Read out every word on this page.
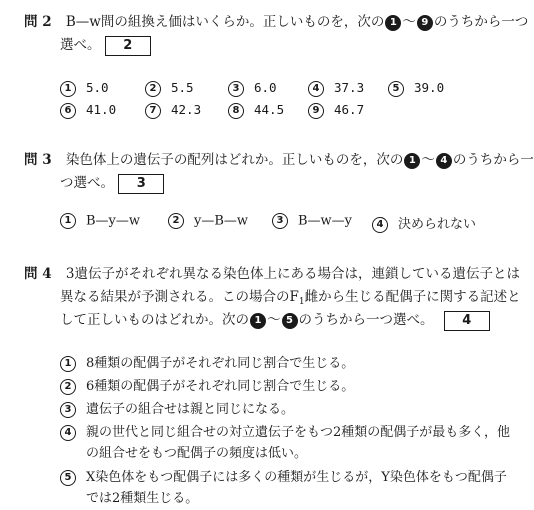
問 2 B—w間の組換え価はいくらか。正しいものを，次の 1 〜 9 のうちから一つ
選べ。 2
1 5.0	2 5.5	3 6.0	4 37.3	5 39.0
6 41.0	7 42.3	8 44.5	9 46.7
問 3 染色体上の遺伝子の配列はどれか。正しいものを，次の 1 〜 4 のうちから一
つ選べ。 3
1 B—y—w	2 y—B—w	3 B—w—y	4 決められない
問 4 3遺伝子がそれぞれ異なる染色体上にある場合は，連鎖している遺伝子とは
異なる結果が予測される。この場合の$F_1$雌から生じる配偶子に関する記述と
して正しいものはどれか。次の 1 〜 5 のうちから一つ選べ。 4
1 8種類の配偶子がそれぞれ同じ割合で生じる。
2 6種類の配偶子がそれぞれ同じ割合で生じる。
3 遺伝子の組合せは親と同じになる。
4 親の世代と同じ組合せの対立遺伝子をもつ2種類の配偶子が最も多く，他
の組合せをもつ配偶子の頻度は低い。
5 X染色体をもつ配偶子には多くの種類が生じるが，Y染色体をもつ配偶子
では2種類生じる。
